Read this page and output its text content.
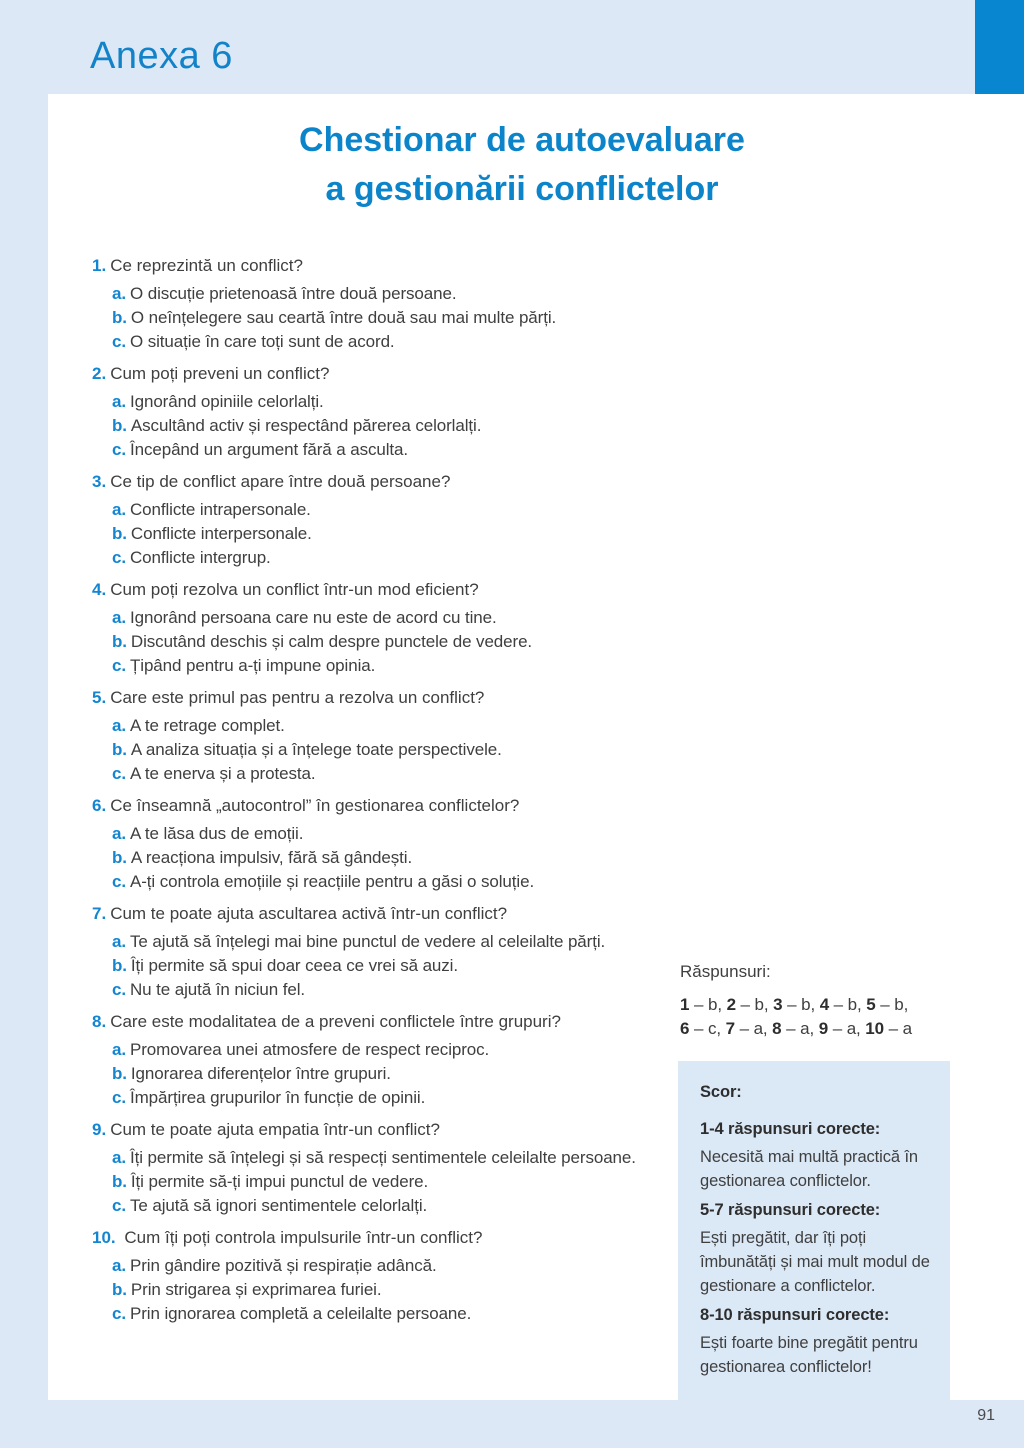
Anexa 6
Chestionar de autoevaluare
a gestionării conflictelor
1. Ce reprezintă un conflict?
a. O discuție prietenoasă între două persoane.
b. O neînțelegere sau ceartă între două sau mai multe părți.
c. O situație în care toți sunt de acord.
2. Cum poți preveni un conflict?
a. Ignorând opiniile celorlalți.
b. Ascultând activ și respectând părerea celorlalți.
c. Începând un argument fără a asculta.
3. Ce tip de conflict apare între două persoane?
a. Conflicte intrapersonale.
b. Conflicte interpersonale.
c. Conflicte intergrup.
4. Cum poți rezolva un conflict într-un mod eficient?
a. Ignorând persoana care nu este de acord cu tine.
b. Discutând deschis și calm despre punctele de vedere.
c. Țipând pentru a-ți impune opinia.
5. Care este primul pas pentru a rezolva un conflict?
a. A te retrage complet.
b. A analiza situația și a înțelege toate perspectivele.
c. A te enerva și a protesta.
6. Ce înseamnă „autocontrol” în gestionarea conflictelor?
a. A te lăsa dus de emoții.
b. A reacționa impulsiv, fără să gândești.
c. A-ți controla emoțiile și reacțiile pentru a găsi o soluție.
7. Cum te poate ajuta ascultarea activă într-un conflict?
a. Te ajută să înțelegi mai bine punctul de vedere al celeilalte părți.
b. Îți permite să spui doar ceea ce vrei să auzi.
c. Nu te ajută în niciun fel.
8. Care este modalitatea de a preveni conflictele între grupuri?
a. Promovarea unei atmosfere de respect reciproc.
b. Ignorarea diferențelor între grupuri.
c. Împărțirea grupurilor în funcție de opinii.
9. Cum te poate ajuta empatia într-un conflict?
a. Îți permite să înțelegi și să respecți sentimentele celeilalte persoane.
b. Îți permite să-ți impui punctul de vedere.
c. Te ajută să ignori sentimentele celorlalți.
10. Cum îți poți controla impulsurile într-un conflict?
a. Prin gândire pozitivă și respirație adâncă.
b. Prin strigarea și exprimarea furiei.
c. Prin ignorarea completă a celeilalte persoane.
Răspunsuri:
1 – b, 2 – b, 3 – b, 4 – b, 5 – b,
6 – c, 7 – a, 8 – a, 9 – a, 10 – a
Scor:
1-4 răspunsuri corecte:
Necesită mai multă practică în gestionarea conflictelor.
5-7 răspunsuri corecte:
Ești pregătit, dar îți poți îmbunătăți și mai mult modul de gestionare a conflictelor.
8-10 răspunsuri corecte:
Ești foarte bine pregătit pentru gestionarea conflictelor!
91
